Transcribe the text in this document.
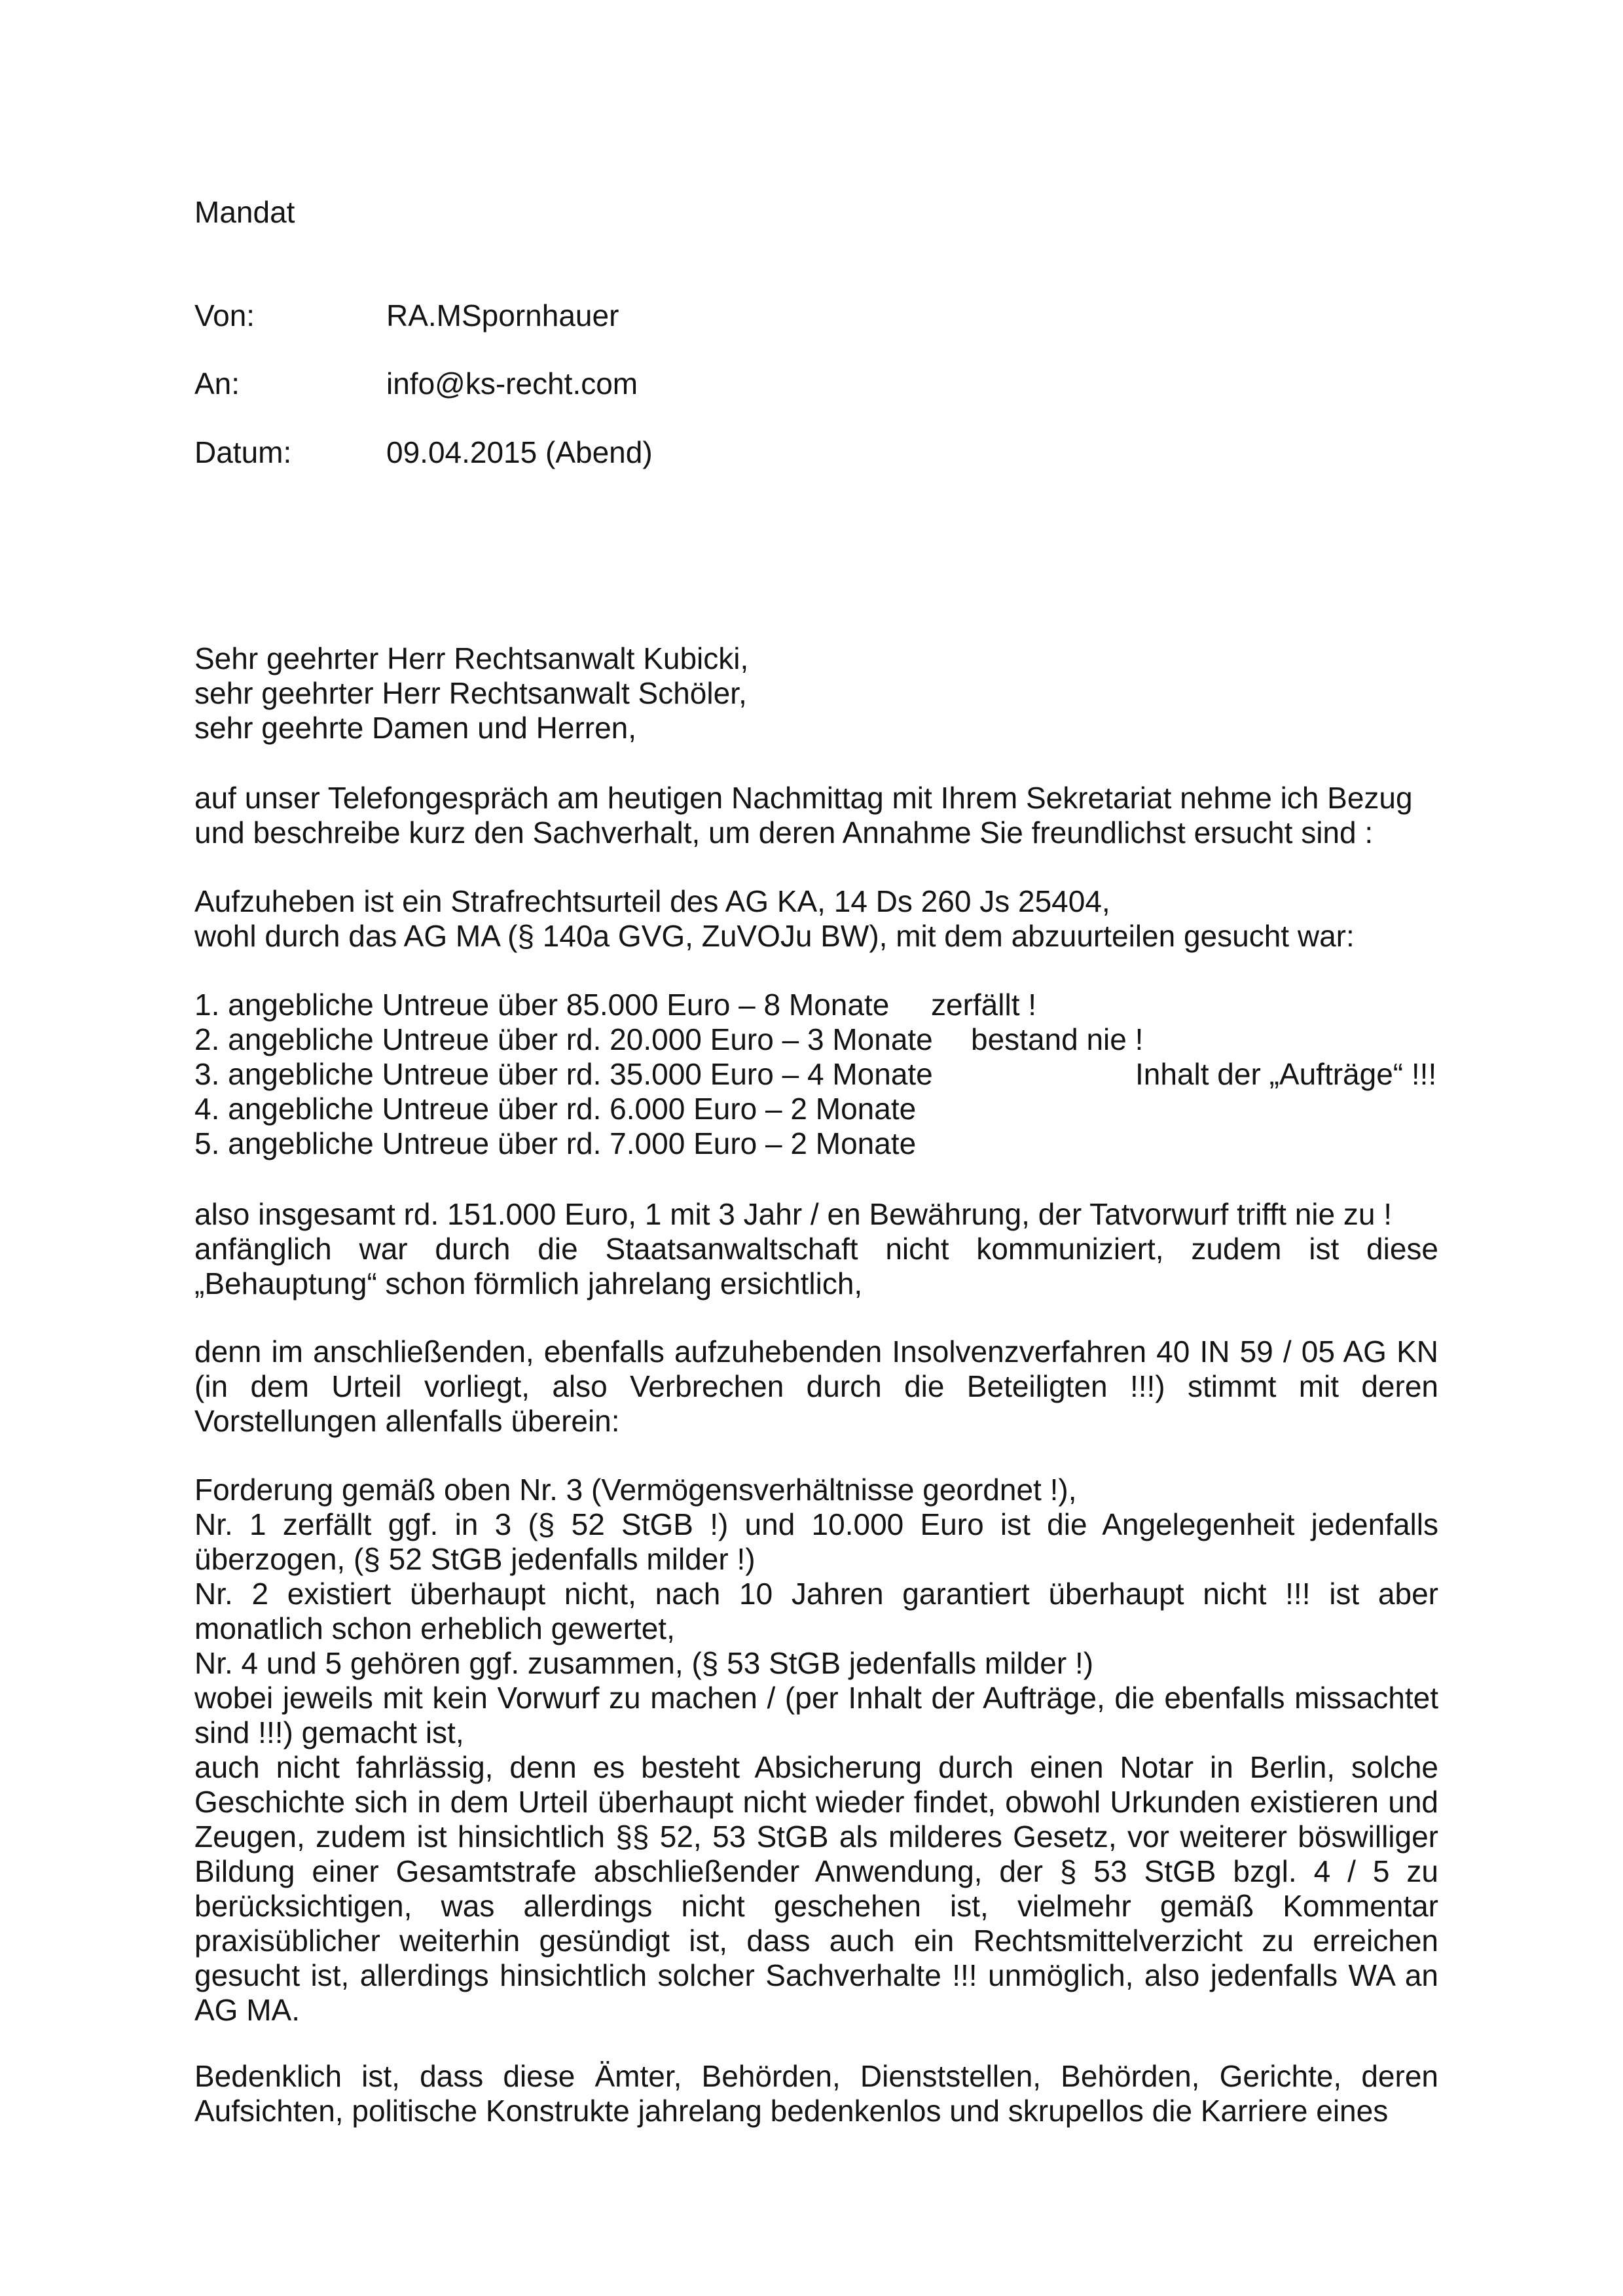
Mandat
Von:	RA.MSpornhauer
An:	info@ks-recht.com
Datum:	09.04.2015 (Abend)
Sehr geehrter Herr Rechtsanwalt Kubicki,
sehr geehrter Herr Rechtsanwalt Schöler,
sehr geehrte Damen und Herren,
auf unser Telefongespräch am heutigen Nachmittag mit Ihrem Sekretariat nehme ich Bezug
und beschreibe kurz den Sachverhalt, um deren Annahme Sie freundlichst ersucht sind :
Aufzuheben ist ein Strafrechtsurteil des AG KA, 14 Ds 260 Js 25404,
wohl durch das AG MA (§ 140a GVG, ZuVOJu BW), mit dem abzuurteilen gesucht war:
1. angebliche Untreue über 85.000 Euro – 8 Monate zerfällt !
2. angebliche Untreue über rd. 20.000 Euro – 3 Monate bestand nie !
3. angebliche Untreue über rd. 35.000 Euro – 4 Monate	Inhalt der „Aufträge“ !!!
4. angebliche Untreue über rd. 6.000 Euro – 2 Monate
5. angebliche Untreue über rd. 7.000 Euro – 2 Monate
also insgesamt rd. 151.000 Euro, 1 mit 3 Jahr / en Bewährung, der Tatvorwurf trifft nie zu !
anfänglich war durch die Staatsanwaltschaft nicht kommuniziert, zudem ist diese
„Behauptung“ schon förmlich jahrelang ersichtlich,
denn im anschließenden, ebenfalls aufzuhebenden Insolvenzverfahren 40 IN 59 / 05 AG KN
(in dem Urteil vorliegt, also Verbrechen durch die Beteiligten !!!) stimmt mit deren
Vorstellungen allenfalls überein:
Forderung gemäß oben Nr. 3 (Vermögensverhältnisse geordnet !),
Nr. 1 zerfällt ggf. in 3 (§ 52 StGB !) und 10.000 Euro ist die Angelegenheit jedenfalls
überzogen, (§ 52 StGB jedenfalls milder !)
Nr. 2 existiert überhaupt nicht, nach 10 Jahren garantiert überhaupt nicht !!! ist aber
monatlich schon erheblich gewertet,
Nr. 4 und 5 gehören ggf. zusammen, (§ 53 StGB jedenfalls milder !)
wobei jeweils mit kein Vorwurf zu machen / (per Inhalt der Aufträge, die ebenfalls missachtet
sind !!!) gemacht ist,
auch nicht fahrlässig, denn es besteht Absicherung durch einen Notar in Berlin, solche
Geschichte sich in dem Urteil überhaupt nicht wieder findet, obwohl Urkunden existieren und
Zeugen, zudem ist hinsichtlich §§ 52, 53 StGB als milderes Gesetz, vor weiterer böswilliger
Bildung einer Gesamtstrafe abschließender Anwendung, der § 53 StGB bzgl. 4 / 5 zu
berücksichtigen, was allerdings nicht geschehen ist, vielmehr gemäß Kommentar
praxisüblicher weiterhin gesündigt ist, dass auch ein Rechtsmittelverzicht zu erreichen
gesucht ist, allerdings hinsichtlich solcher Sachverhalte !!! unmöglich, also jedenfalls WA an
AG MA.
Bedenklich ist, dass diese Ämter, Behörden, Dienststellen, Behörden, Gerichte, deren
Aufsichten, politische Konstrukte jahrelang bedenkenlos und skrupellos die Karriere eines
